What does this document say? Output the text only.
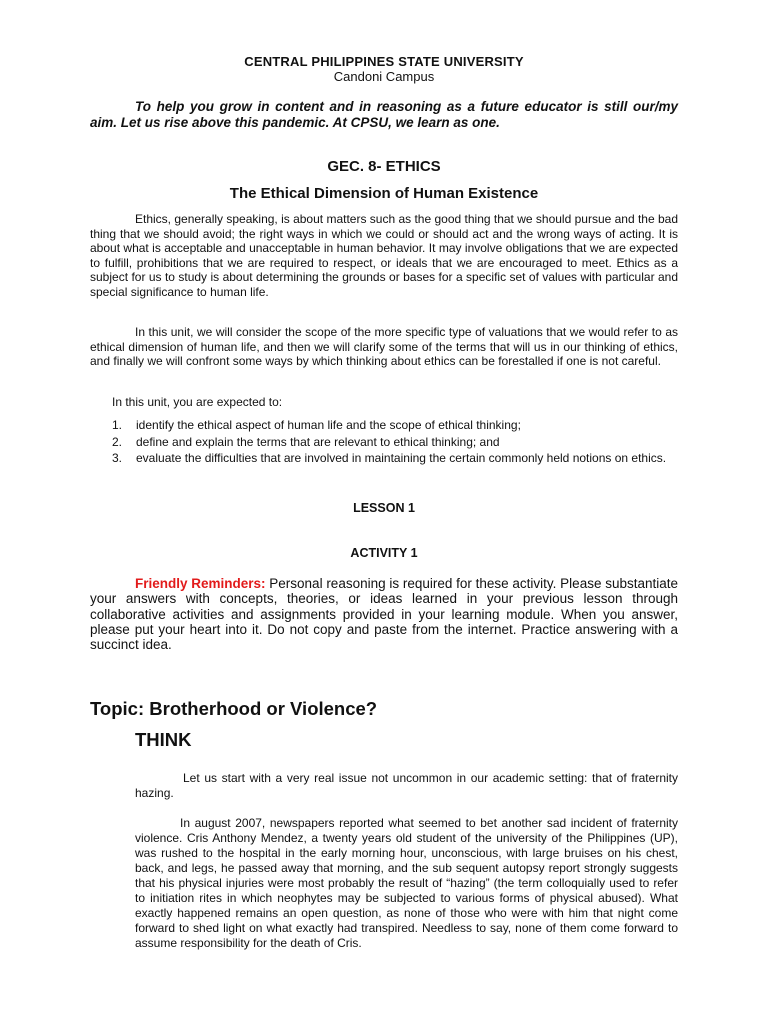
CENTRAL PHILIPPINES STATE UNIVERSITY
Candoni Campus
To help you grow in content and in reasoning as a future educator is still our/my aim. Let us rise above this pandemic. At CPSU, we learn as one.
GEC. 8- ETHICS
The Ethical Dimension of Human Existence
Ethics, generally speaking, is about matters such as the good thing that we should pursue and the bad thing that we should avoid; the right ways in which we could or should act and the wrong ways of acting. It is about what is acceptable and unacceptable in human behavior. It may involve obligations that we are expected to fulfill, prohibitions that we are required to respect, or ideals that we are encouraged to meet. Ethics as a subject for us to study is about determining the grounds or bases for a specific set of values with particular and special significance to human life.
In this unit, we will consider the scope of the more specific type of valuations that we would refer to as ethical dimension of human life, and then we will clarify some of the terms that will us in our thinking of ethics, and finally we will confront some ways by which thinking about ethics can be forestalled if one is not careful.
In this unit, you are expected to:
1.	identify the ethical aspect of human life and the scope of ethical thinking;
2.	define and explain the terms that are relevant to ethical thinking; and
3.	evaluate the difficulties that are involved in maintaining the certain commonly held notions on ethics.
LESSON 1
ACTIVITY 1
Friendly Reminders: Personal reasoning is required for these activity. Please substantiate your answers with concepts, theories, or ideas learned in your previous lesson through collaborative activities and assignments provided in your learning module. When you answer, please put your heart into it. Do not copy and paste from the internet. Practice answering with a succinct idea.
Topic: Brotherhood or Violence?
THINK
Let us start with a very real issue not uncommon in our academic setting: that of fraternity hazing.
In august 2007, newspapers reported what seemed to bet another sad incident of fraternity violence. Cris Anthony Mendez, a twenty years old student of the university of the Philippines (UP), was rushed to the hospital in the early morning hour, unconscious, with large bruises on his chest, back, and legs, he passed away that morning, and the sub sequent autopsy report strongly suggests that his physical injuries were most probably the result of “hazing” (the term colloquially used to refer to initiation rites in which neophytes may be subjected to various forms of physical abused). What exactly happened remains an open question, as none of those who were with him that night come forward to shed light on what exactly had transpired. Needless to say, none of them come forward to assume responsibility for the death of Cris.
